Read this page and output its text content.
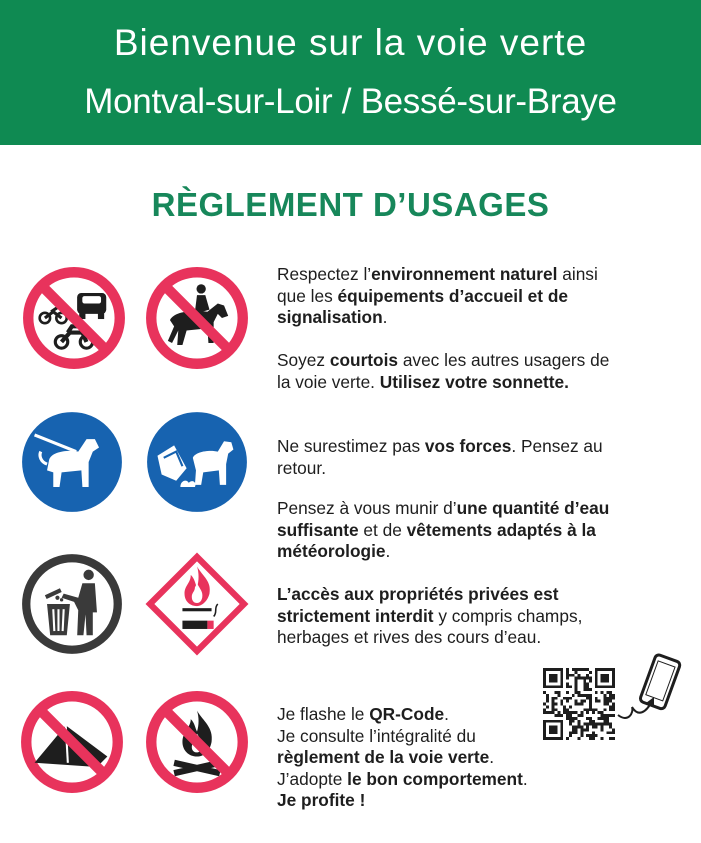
Bienvenue sur la voie verte
Montval-sur-Loir / Bessé-sur-Braye
RÈGLEMENT D’USAGES
Respectez l’environnement naturel ainsi que les équipements d’accueil et de signalisation.
Soyez courtois avec les autres usagers de la voie verte. Utilisez votre sonnette.
Ne surestimez pas vos forces. Pensez au retour.
Pensez à vous munir d’une quantité d’eau suffisante et de vêtements adaptés à la météorologie.
L’accès aux propriétés privées est strictement interdit y compris champs, herbages et rives des cours d’eau.
Je flashe le QR-Code.
Je consulte l’intégralité du règlement de la voie verte.
J’adopte le bon comportement.
Je profite !
